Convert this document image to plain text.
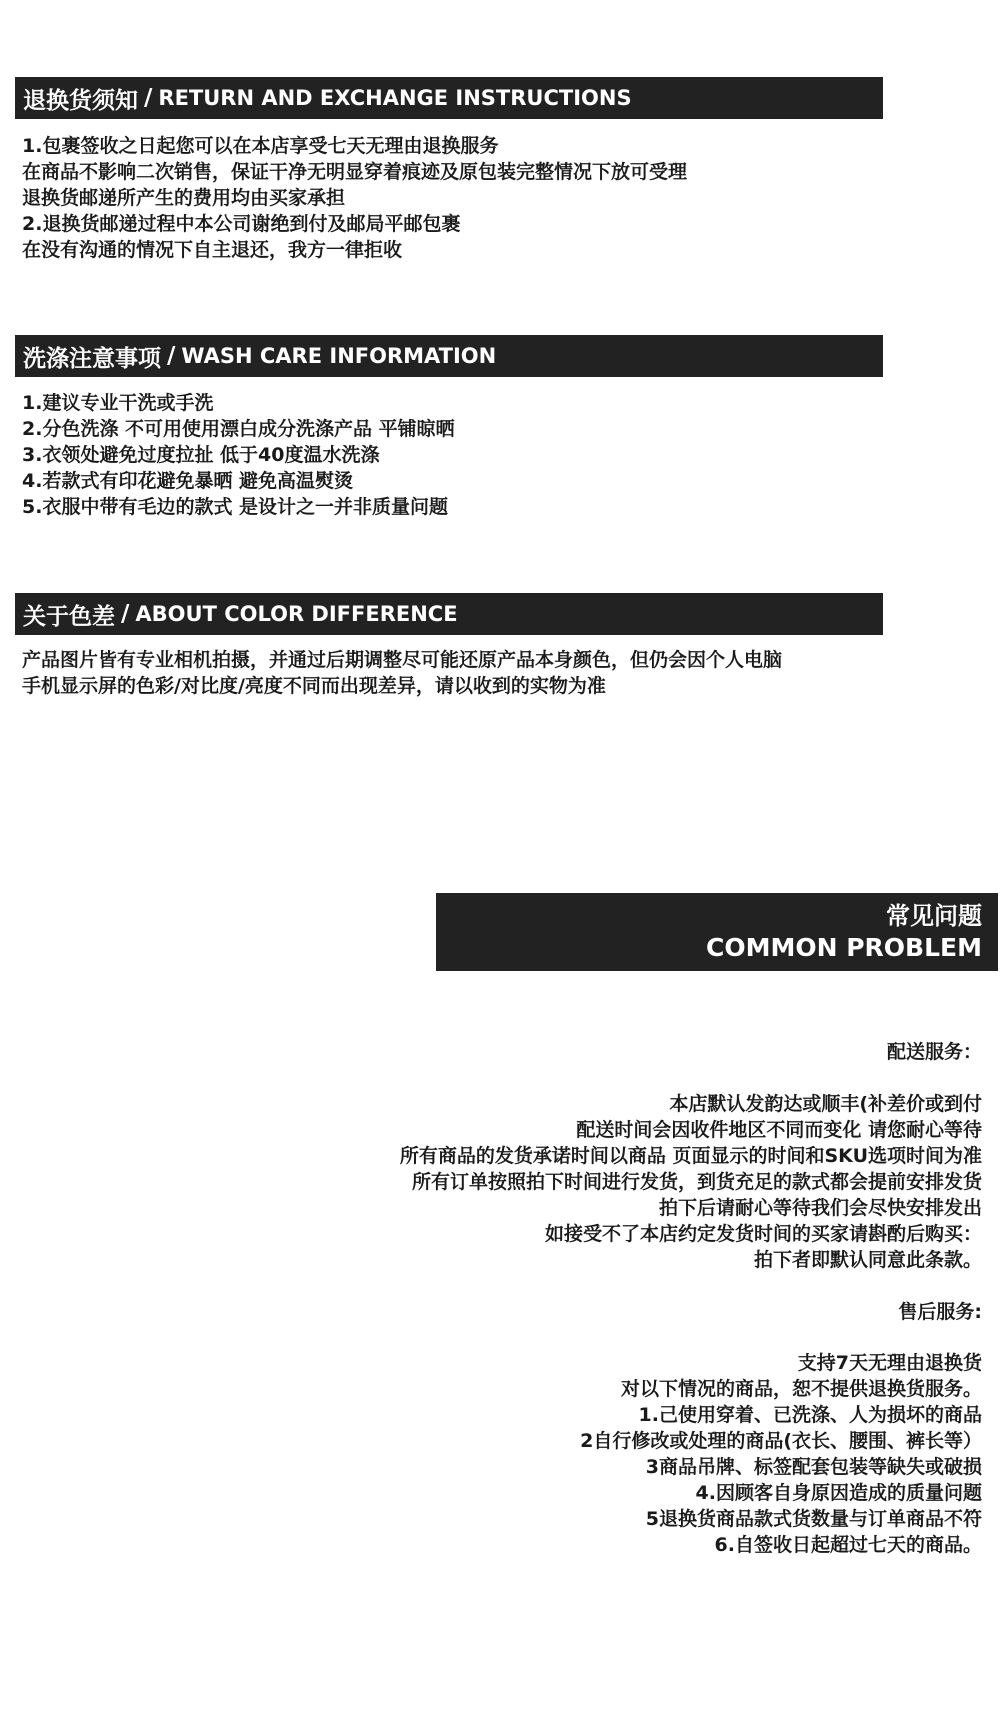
退换货须知 / RETURN AND EXCHANGE INSTRUCTIONS
1.包裹签收之日起您可以在本店享受七天无理由退换服务
在商品不影响二次销售，保证干净无明显穿着痕迹及原包装完整情况下放可受理
退换货邮递所产生的费用均由买家承担
2.退换货邮递过程中本公司谢绝到付及邮局平邮包裹
在没有沟通的情况下自主退还，我方一律拒收
洗涤注意事项 / WASH CARE INFORMATION
1.建议专业干洗或手洗
2.分色洗涤 不可用使用漂白成分洗涤产品 平铺晾晒
3.衣领处避免过度拉扯 低于40度温水洗涤
4.若款式有印花避免暴晒 避免高温熨烫
5.衣服中带有毛边的款式 是设计之一并非质量问题
关于色差 / ABOUT COLOR DIFFERENCE
产品图片皆有专业相机拍摄，并通过后期调整尽可能还原产品本身颜色，但仍会因个人电脑
手机显示屏的色彩/对比度/亮度不同而出现差异，请以收到的实物为准
常见问题
COMMON PROBLEM
配送服务：
本店默认发韵达或顺丰(补差价或到付
配送时间会因收件地区不同而变化 请您耐心等待
所有商品的发货承诺时间以商品 页面显示的时间和SKU选项时间为准
所有订单按照拍下时间进行发货，到货充足的款式都会提前安排发货
拍下后请耐心等待我们会尽快安排发出
如接受不了本店约定发货时间的买家请斟酌后购买：
拍下者即默认同意此条款。
售后服务:
支持7天无理由退换货
对以下情况的商品，恕不提供退换货服务。
1.己使用穿着、已洗涤、人为损坏的商品
2自行修改或处理的商品(衣长、腰围、裤长等）
3商品吊牌、标签配套包装等缺失或破损
4.因顾客自身原因造成的质量问题
5退换货商品款式货数量与订单商品不符
6.自签收日起超过七天的商品。
